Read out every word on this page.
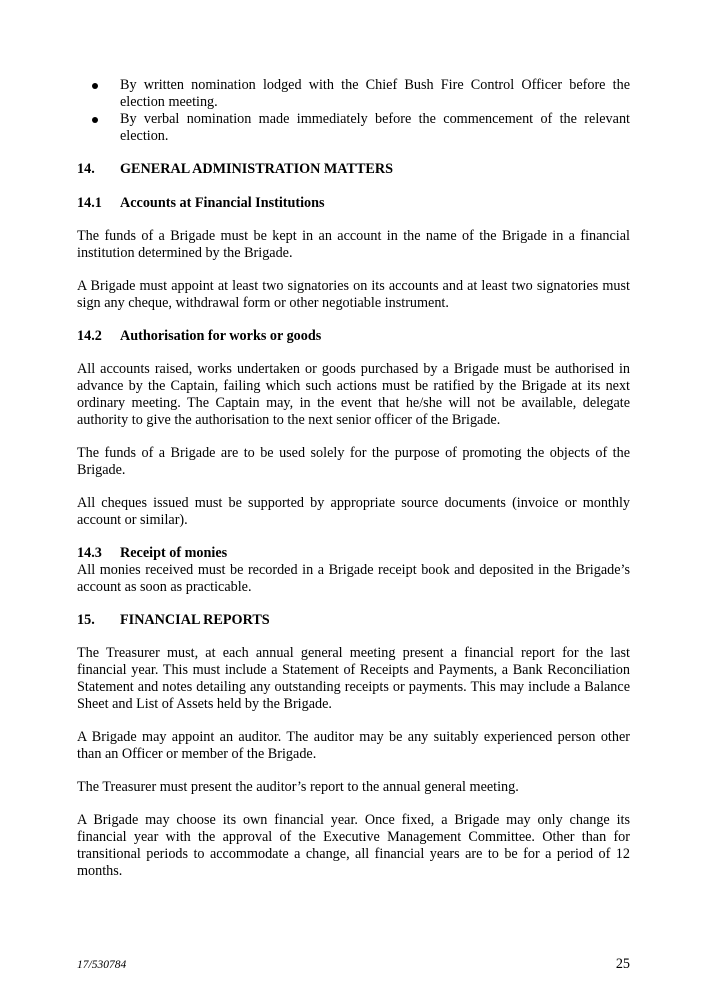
By written nomination lodged with the Chief Bush Fire Control Officer before the election meeting.
By verbal nomination made immediately before the commencement of the relevant election.
14.	GENERAL ADMINISTRATION MATTERS
14.1	Accounts at Financial Institutions

The funds of a Brigade must be kept in an account in the name of the Brigade in a financial institution determined by the Brigade.

A Brigade must appoint at least two signatories on its accounts and at least two signatories must sign any cheque, withdrawal form or other negotiable instrument.

14.2	Authorisation for works or goods

All accounts raised, works undertaken or goods purchased by a Brigade must be authorised in advance by the Captain, failing which such actions must be ratified by the Brigade at its next ordinary meeting. The Captain may, in the event that he/she will not be available, delegate authority to give the authorisation to the next senior officer of the Brigade.

The funds of a Brigade are to be used solely for the purpose of promoting the objects of the Brigade.

All cheques issued must be supported by appropriate source documents (invoice or monthly account or similar).

14.3	Receipt of monies

All monies received must be recorded in a Brigade receipt book and deposited in the Brigade’s account as soon as practicable.

15.	FINANCIAL REPORTS

The Treasurer must, at each annual general meeting present a financial report for the last financial year. This must include a Statement of Receipts and Payments, a Bank Reconciliation Statement and notes detailing any outstanding receipts or payments. This may include a Balance Sheet and List of Assets held by the Brigade.

A Brigade may appoint an auditor. The auditor may be any suitably experienced person other than an Officer or member of the Brigade.

The Treasurer must present the auditor’s report to the annual general meeting.

A Brigade may choose its own financial year. Once fixed, a Brigade may only change its financial year with the approval of the Executive Management Committee. Other than for transitional periods to accommodate a change, all financial years are to be for a period of 12 months.

17/530784	25
